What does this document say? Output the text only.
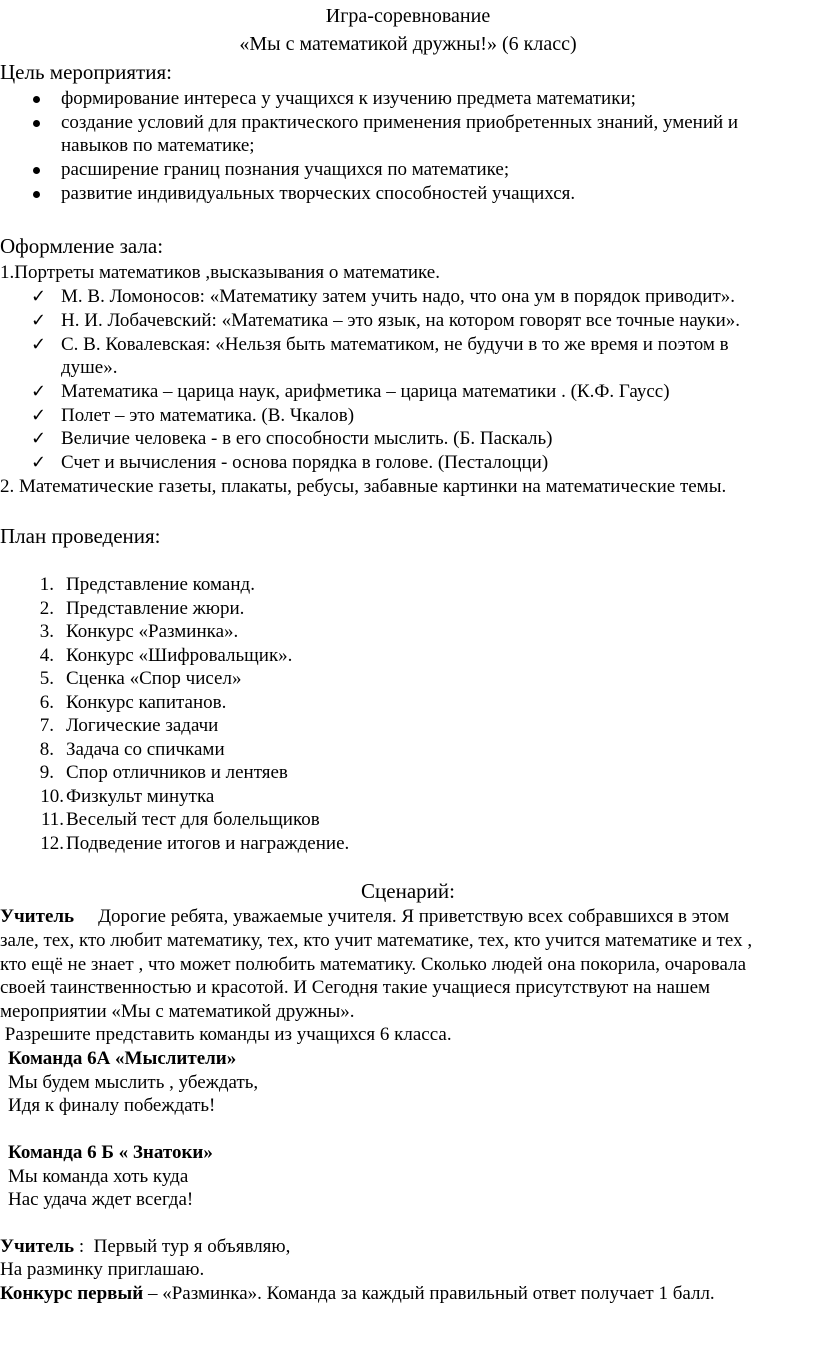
Игра-соревнование
«Мы с математикой дружны!» (6 класс)
Цель мероприятия:
формирование интереса у учащихся к изучению предмета математики;
создание условий для практического применения приобретенных знаний, умений и
навыков по математике;
расширение границ познания учащихся по математике;
развитие индивидуальных творческих способностей учащихся.
Оформление зала:
1.Портреты математиков ,высказывания о математике.
✓ М. В. Ломоносов: «Математику затем учить надо, что она ум в порядок приводит».
✓ Н. И. Лобачевский: «Математика – это язык, на котором говорят все точные науки».
✓ С. В. Ковалевская: «Нельзя быть математиком, не будучи в то же время и поэтом в
душе».
✓ Математика – царица наук, арифметика – царица математики . (К.Ф. Гаусс)
✓ Полет – это математика. (В. Чкалов)
✓ Величие человека - в его способности мыслить. (Б. Паскаль)
✓ Счет и вычисления - основа порядка в голове. (Песталоцци)
2. Математические газеты, плакаты, ребусы, забавные картинки на математические темы.
План проведения:
1. Представление команд.
2. Представление жюри.
3. Конкурс «Разминка».
4. Конкурс «Шифровальщик».
5. Сценка «Спор чисел»
6. Конкурс капитанов.
7. Логические задачи
8. Задача со спичками
9. Спор отличников и лентяев
10. Физкульт минутка
11. Веселый тест для болельщиков
12. Подведение итогов и награждение.
Сценарий:
Учитель Дорогие ребята, уважаемые учителя. Я приветствую всех собравшихся в этом
зале, тех, кто любит математику, тех, кто учит математике, тех, кто учится математике и тех ,
кто ещё не знает , что может полюбить математику. Сколько людей она покорила, очаровала
своей таинственностью и красотой. И Сегодня такие учащиеся присутствуют на нашем
мероприятии «Мы с математикой дружны».
Разрешите представить команды из учащихся 6 класса.
Команда 6А «Мыслители»
Мы будем мыслить , убеждать,
Идя к финалу побеждать!
Команда 6 Б « Знатоки»
Мы команда хоть куда
Нас удача ждет всегда!
Учитель :  Первый тур я объявляю,
На разминку приглашаю.
Конкурс первый – «Разминка». Команда за каждый правильный ответ получает 1 балл.
